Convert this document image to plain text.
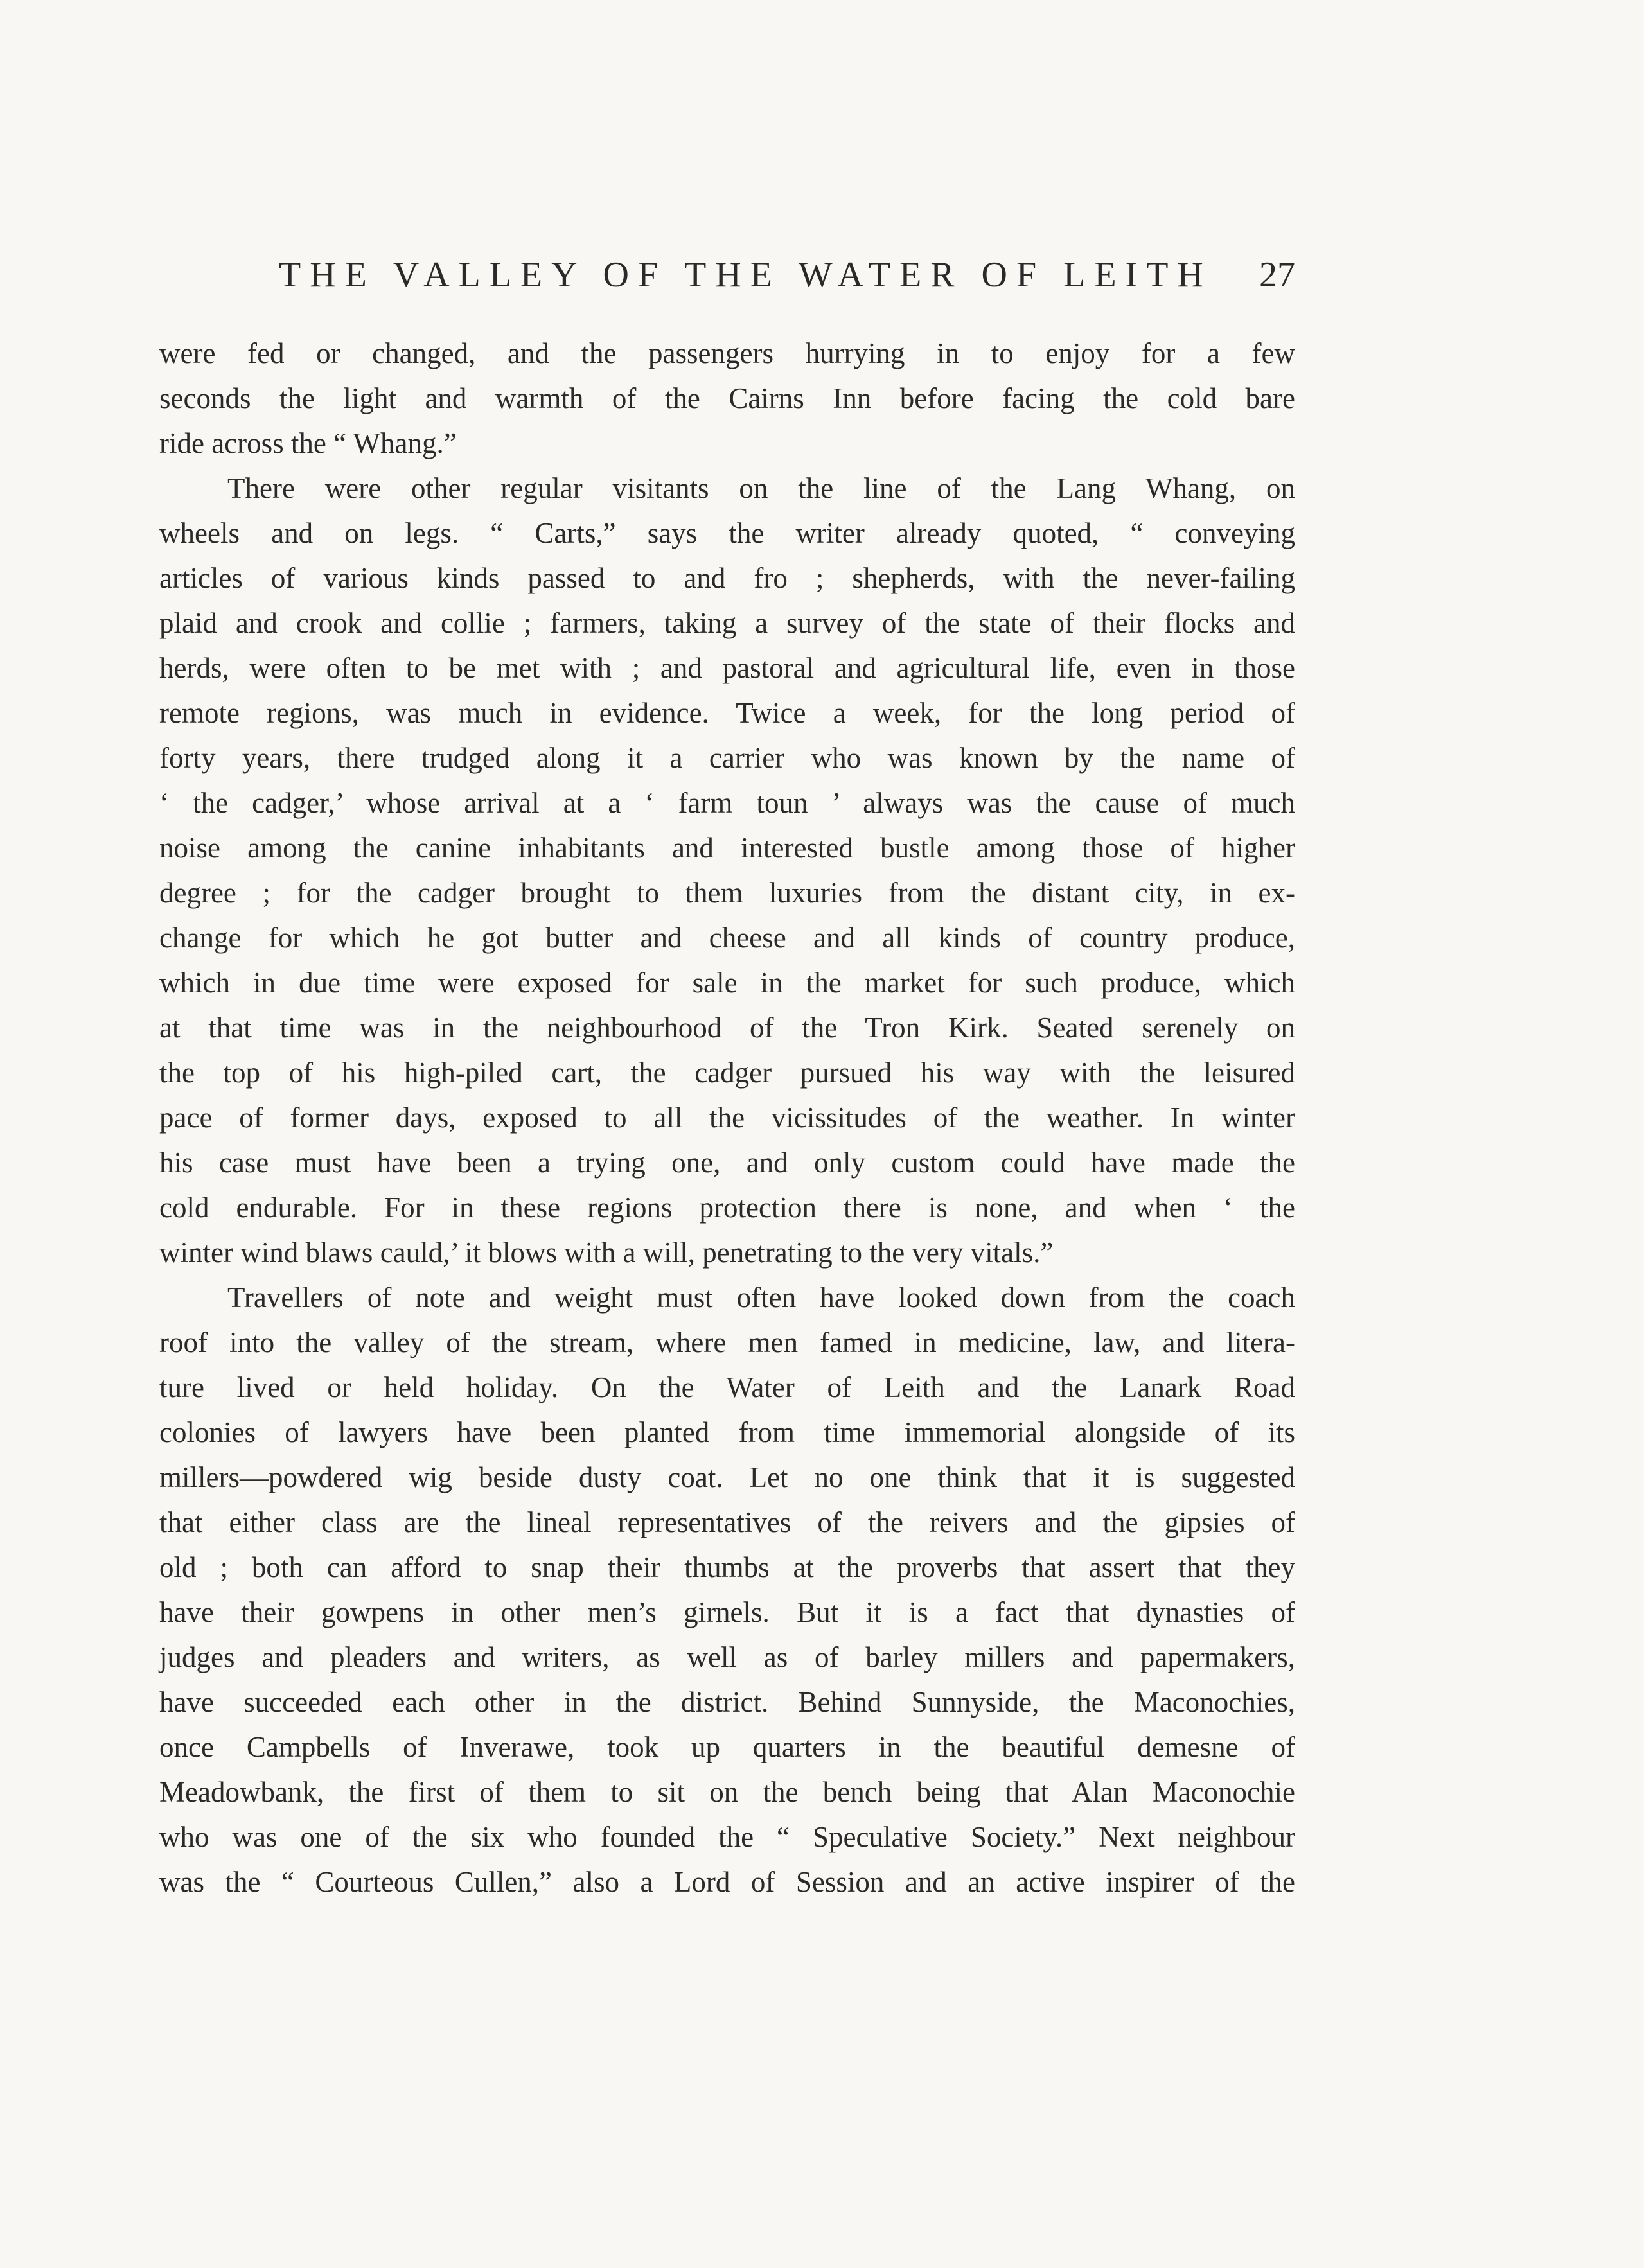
THE VALLEY OF THE WATER OF LEITH 27
were fed or changed, and the passengers hurrying in to enjoy for a few
seconds the light and warmth of the Cairns Inn before facing the cold bare
ride across the “ Whang.”
There were other regular visitants on the line of the Lang Whang, on
wheels and on legs. “ Carts,” says the writer already quoted, “ conveying
articles of various kinds passed to and fro ; shepherds, with the never-failing
plaid and crook and collie ; farmers, taking a survey of the state of their flocks and
herds, were often to be met with ; and pastoral and agricultural life, even in those
remote regions, was much in evidence. Twice a week, for the long period of
forty years, there trudged along it a carrier who was known by the name of
‘ the cadger,’ whose arrival at a ‘ farm toun ’ always was the cause of much
noise among the canine inhabitants and interested bustle among those of higher
degree ; for the cadger brought to them luxuries from the distant city, in ex-
change for which he got butter and cheese and all kinds of country produce,
which in due time were exposed for sale in the market for such produce, which
at that time was in the neighbourhood of the Tron Kirk. Seated serenely on
the top of his high-piled cart, the cadger pursued his way with the leisured
pace of former days, exposed to all the vicissitudes of the weather. In winter
his case must have been a trying one, and only custom could have made the
cold endurable. For in these regions protection there is none, and when ‘ the
winter wind blaws cauld,’ it blows with a will, penetrating to the very vitals.”
Travellers of note and weight must often have looked down from the coach
roof into the valley of the stream, where men famed in medicine, law, and litera-
ture lived or held holiday. On the Water of Leith and the Lanark Road
colonies of lawyers have been planted from time immemorial alongside of its
millers—powdered wig beside dusty coat. Let no one think that it is suggested
that either class are the lineal representatives of the reivers and the gipsies of
old ; both can afford to snap their thumbs at the proverbs that assert that they
have their gowpens in other men’s girnels. But it is a fact that dynasties of
judges and pleaders and writers, as well as of barley millers and papermakers,
have succeeded each other in the district. Behind Sunnyside, the Maconochies,
once Campbells of Inverawe, took up quarters in the beautiful demesne of
Meadowbank, the first of them to sit on the bench being that Alan Maconochie
who was one of the six who founded the “ Speculative Society.” Next neighbour
was the “ Courteous Cullen,” also a Lord of Session and an active inspirer of the
